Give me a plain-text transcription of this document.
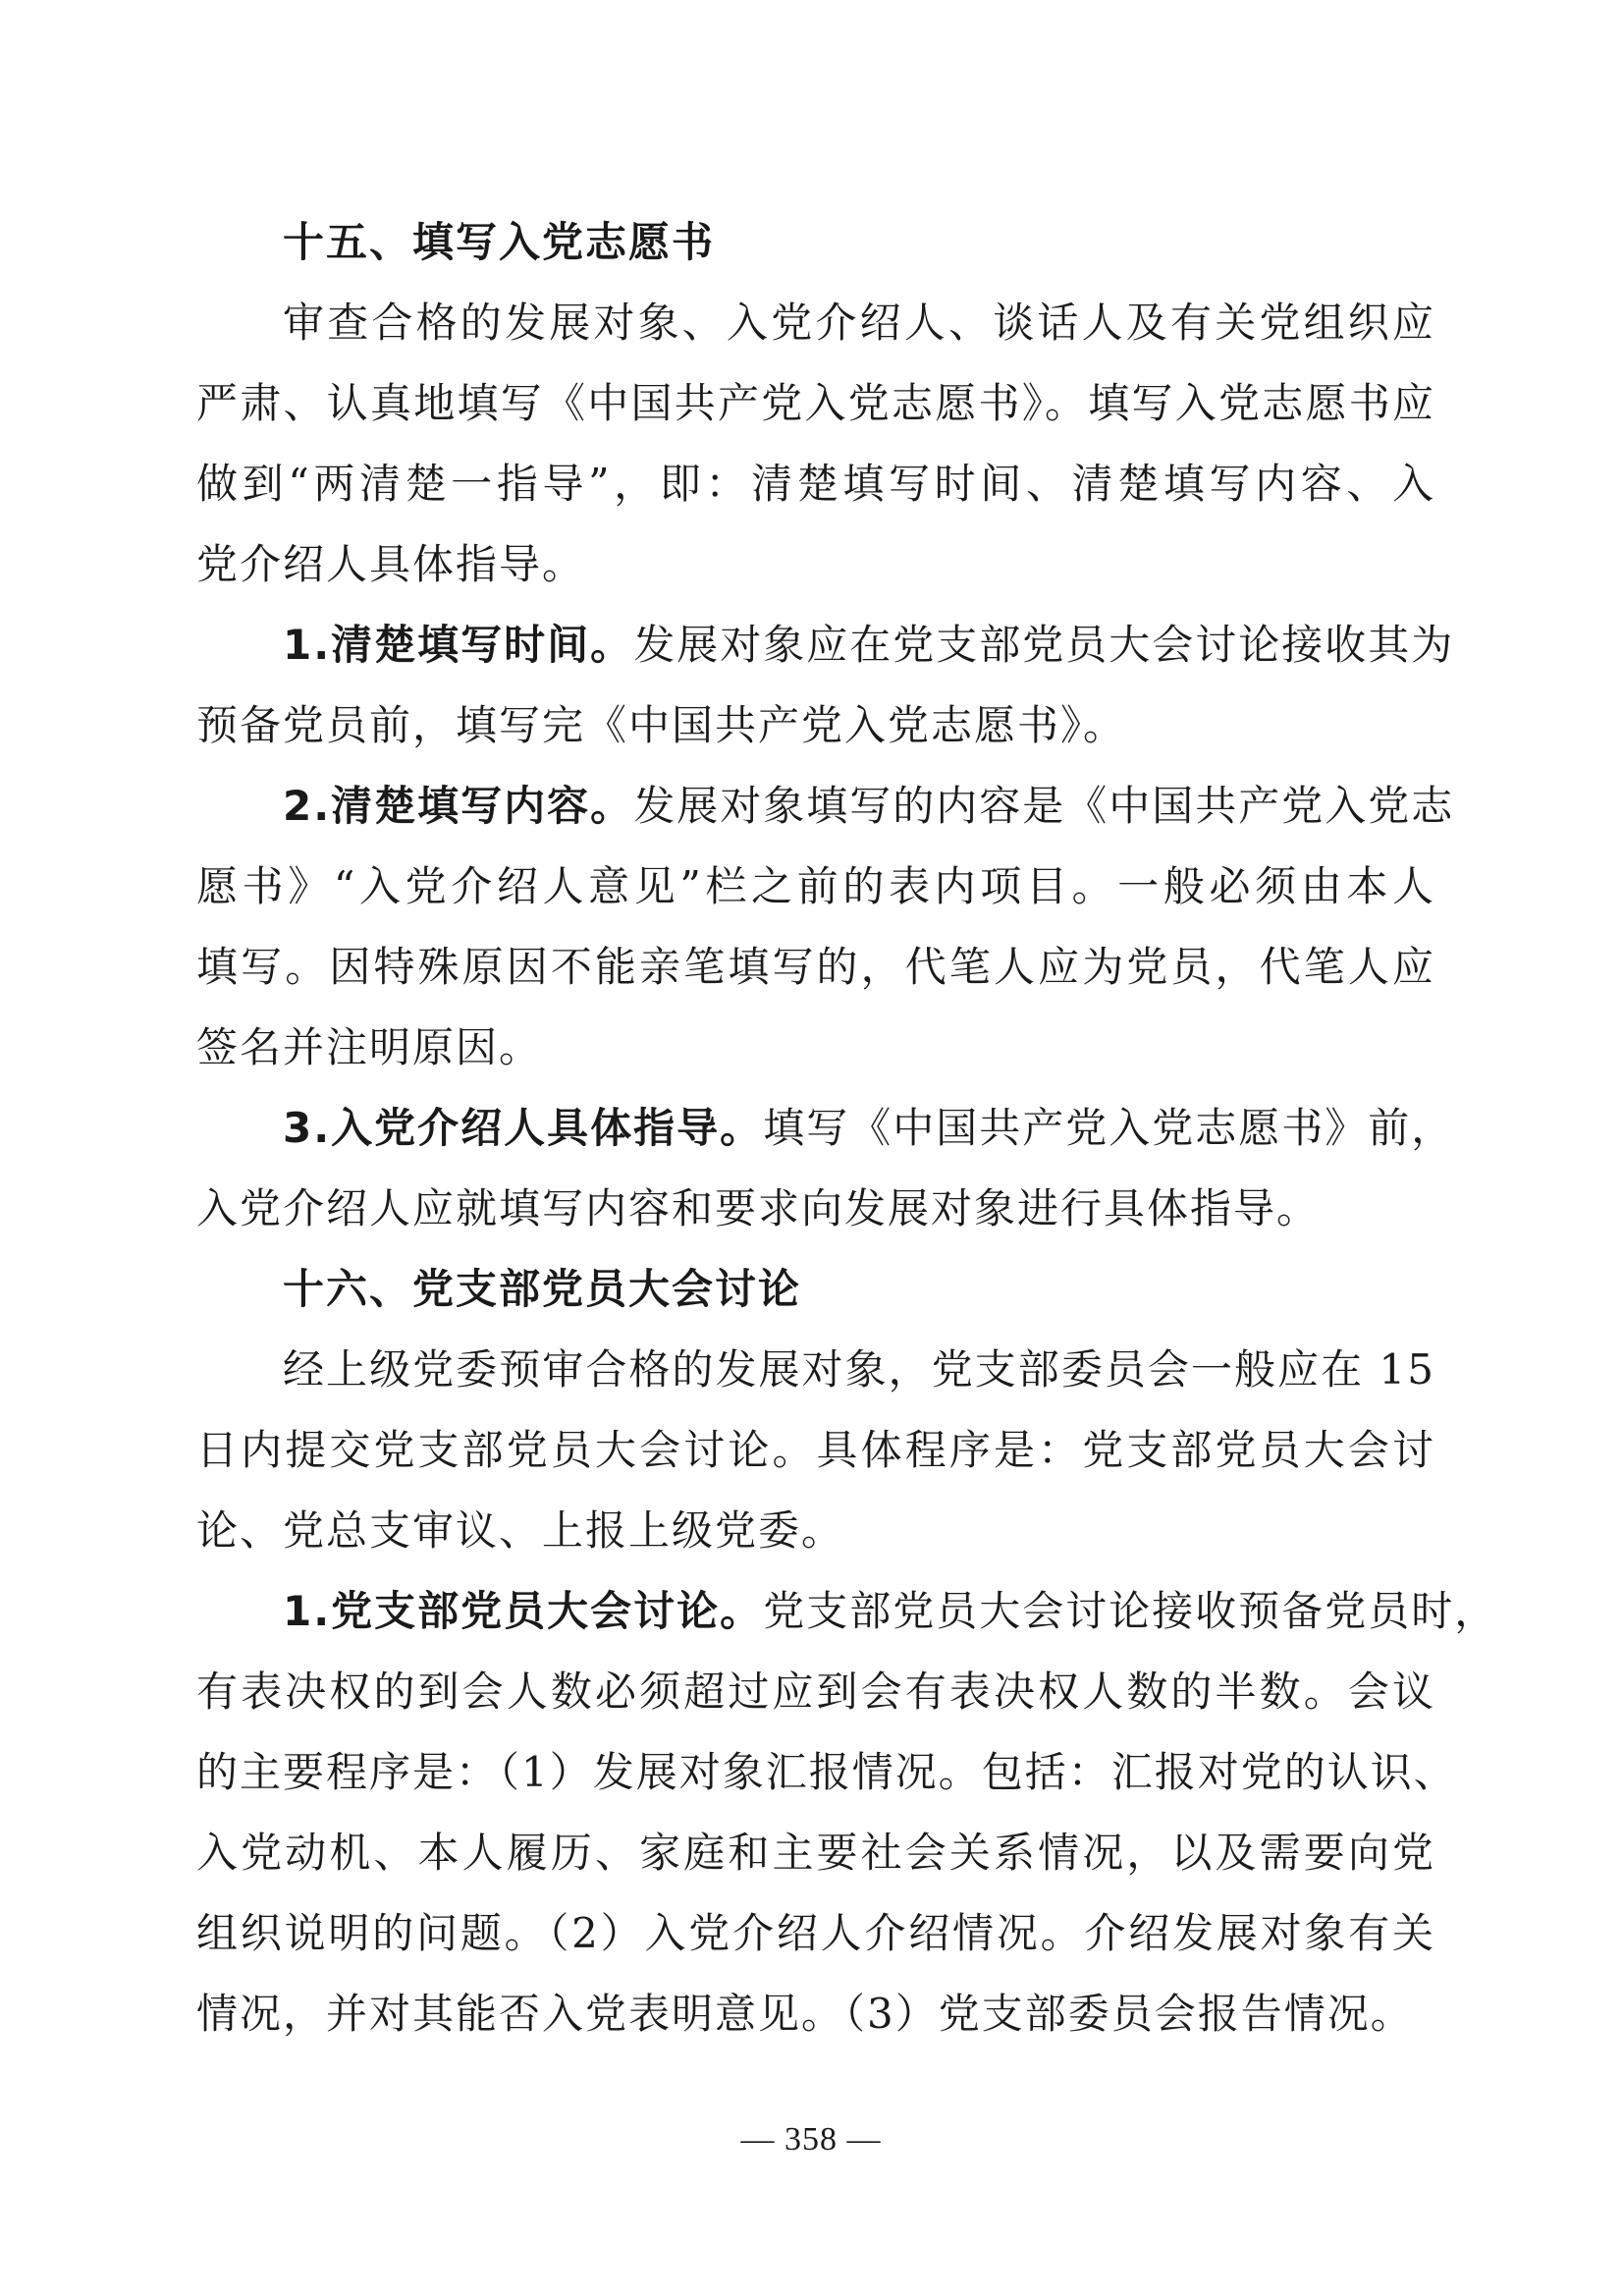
十五、填写入党志愿书
审查合格的发展对象、入党介绍人、谈话人及有关党组织应
严肃、认真地填写《中国共产党入党志愿书》。填写入党志愿书应
做到“两清楚一指导”，即：清楚填写时间、清楚填写内容、入
党介绍人具体指导。
1.清楚填写时间。发展对象应在党支部党员大会讨论接收其为
预备党员前，填写完《中国共产党入党志愿书》。
2.清楚填写内容。发展对象填写的内容是《中国共产党入党志
愿书》“入党介绍人意见”栏之前的表内项目。一般必须由本人
填写。因特殊原因不能亲笔填写的，代笔人应为党员，代笔人应
签名并注明原因。
3.入党介绍人具体指导。填写《中国共产党入党志愿书》前，
入党介绍人应就填写内容和要求向发展对象进行具体指导。
十六、党支部党员大会讨论
经上级党委预审合格的发展对象，党支部委员会一般应在 15
日内提交党支部党员大会讨论。具体程序是：党支部党员大会讨
论、党总支审议、上报上级党委。
1.党支部党员大会讨论。党支部党员大会讨论接收预备党员时，
有表决权的到会人数必须超过应到会有表决权人数的半数。会议
的主要程序是：（1）发展对象汇报情况。包括：汇报对党的认识、
入党动机、本人履历、家庭和主要社会关系情况，以及需要向党
组织说明的问题。（2）入党介绍人介绍情况。介绍发展对象有关
情况，并对其能否入党表明意见。（3）党支部委员会报告情况。
— 358 —
